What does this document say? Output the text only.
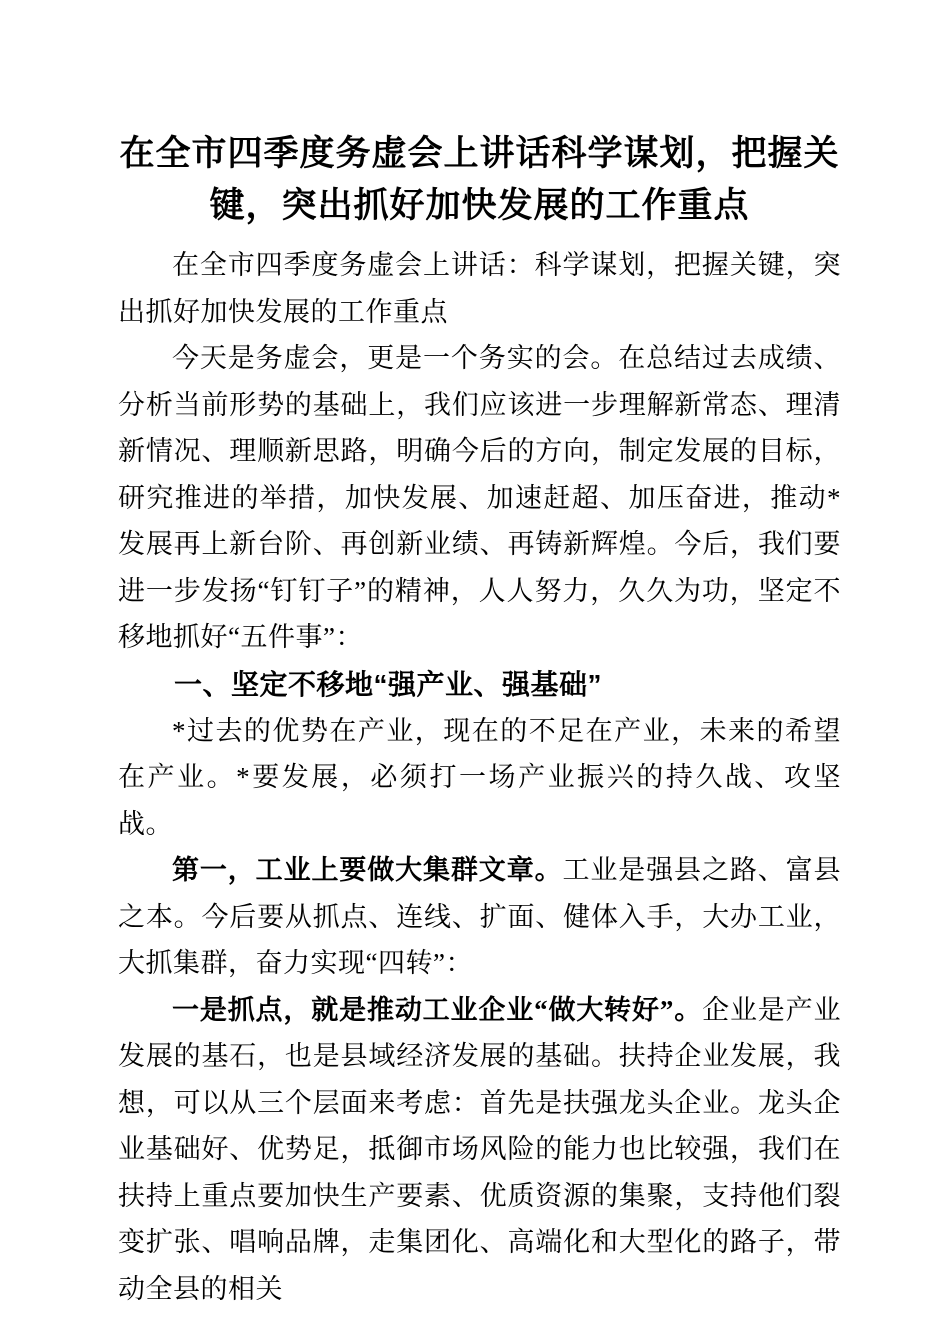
在全市四季度务虚会上讲话科学谋划，把握关键，突出抓好加快发展的工作重点

在全市四季度务虚会上讲话：科学谋划，把握关键，突出抓好加快发展的工作重点

今天是务虚会，更是一个务实的会。在总结过去成绩、分析当前形势的基础上，我们应该进一步理解新常态、理清新情况、理顺新思路，明确今后的方向，制定发展的目标，研究推进的举措，加快发展、加速赶超、加压奋进，推动*发展再上新台阶、再创新业绩、再铸新辉煌。今后，我们要进一步发扬“钉钉子”的精神，人人努力，久久为功，坚定不移地抓好“五件事”：

一、坚定不移地“强产业、强基础”

*过去的优势在产业，现在的不足在产业，未来的希望在产业。*要发展，必须打一场产业振兴的持久战、攻坚战。

第一，工业上要做大集群文章。工业是强县之路、富县之本。今后要从抓点、连线、扩面、健体入手，大办工业，大抓集群，奋力实现“四转”：

一是抓点，就是推动工业企业“做大转好”。企业是产业发展的基石，也是县域经济发展的基础。扶持企业发展，我想，可以从三个层面来考虑：首先是扶强龙头企业。龙头企业基础好、优势足，抵御市场风险的能力也比较强，我们在扶持上重点要加快生产要素、优质资源的集聚，支持他们裂变扩张、唱响品牌，走集团化、高端化和大型化的路子，带动全县的相关
